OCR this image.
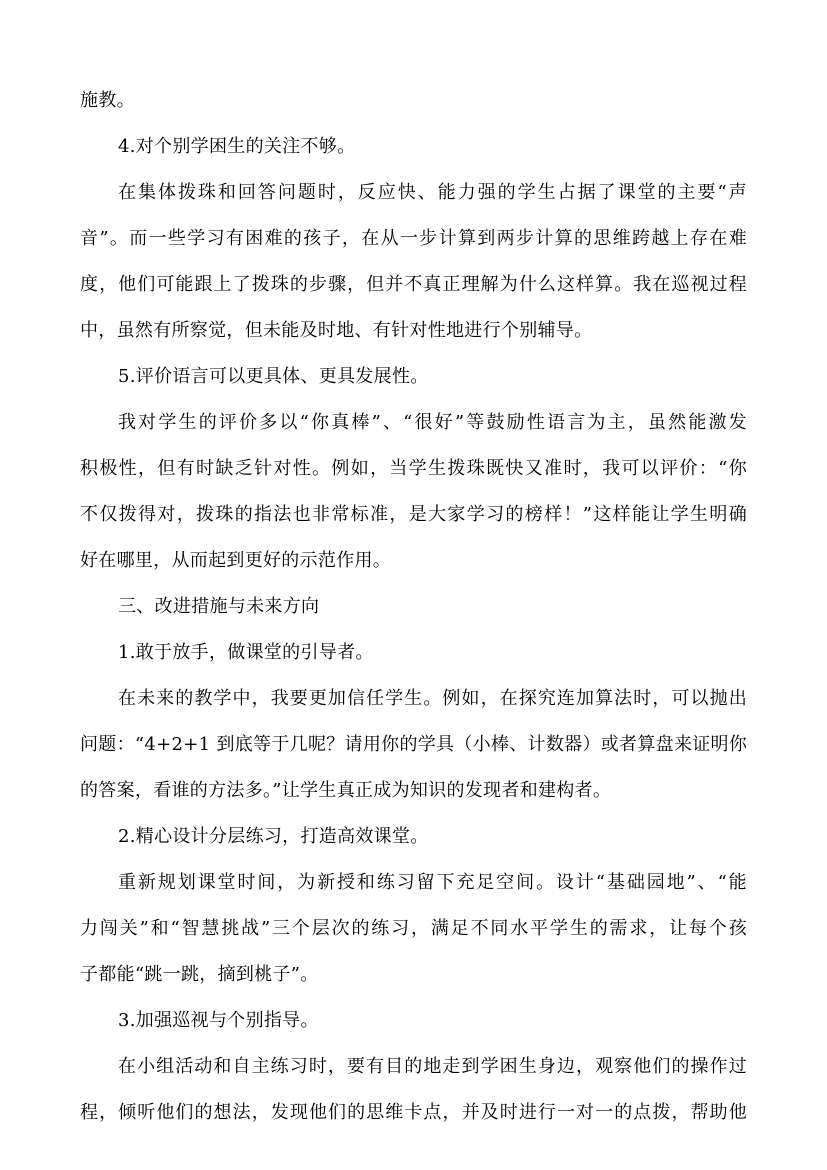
施教。
4.对个别学困生的关注不够。
在集体拨珠和回答问题时，反应快、能力强的学生占据了课堂的主要“声
音”。而一些学习有困难的孩子，在从一步计算到两步计算的思维跨越上存在难
度，他们可能跟上了拨珠的步骤，但并不真正理解为什么这样算。我在巡视过程
中，虽然有所察觉，但未能及时地、有针对性地进行个别辅导。
5.评价语言可以更具体、更具发展性。
我对学生的评价多以“你真棒”、“很好”等鼓励性语言为主，虽然能激发
积极性，但有时缺乏针对性。例如，当学生拨珠既快又准时，我可以评价：“你
不仅拨得对，拨珠的指法也非常标准，是大家学习的榜样！”这样能让学生明确
好在哪里，从而起到更好的示范作用。
三、改进措施与未来方向
1.敢于放手，做课堂的引导者。
在未来的教学中，我要更加信任学生。例如，在探究连加算法时，可以抛出
问题：“4+2+1 到底等于几呢？请用你的学具（小棒、计数器）或者算盘来证明你
的答案，看谁的方法多。”让学生真正成为知识的发现者和建构者。
2.精心设计分层练习，打造高效课堂。
重新规划课堂时间，为新授和练习留下充足空间。设计“基础园地”、“能
力闯关”和“智慧挑战”三个层次的练习，满足不同水平学生的需求，让每个孩
子都能“跳一跳，摘到桃子”。
3.加强巡视与个别指导。
在小组活动和自主练习时，要有目的地走到学困生身边，观察他们的操作过
程，倾听他们的想法，发现他们的思维卡点，并及时进行一对一的点拨，帮助他
